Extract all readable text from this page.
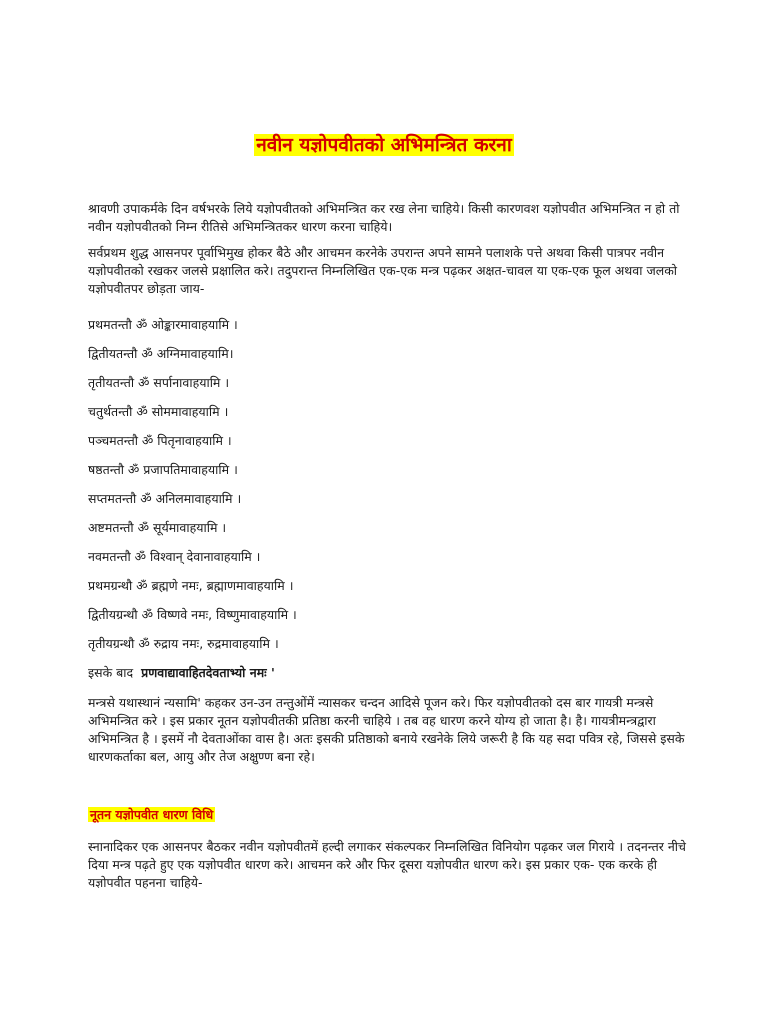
नवीन यज्ञोपवीतको अभिमन्त्रित करना

श्रावणी उपाकर्मके दिन वर्षभरके लिये यज्ञोपवीतको अभिमन्त्रित कर रख लेना चाहिये। किसी कारणवश यज्ञोपवीत अभिमन्त्रित न हो तो नवीन यज्ञोपवीतको निम्न रीतिसे अभिमन्त्रितकर धारण करना चाहिये।

सर्वप्रथम शुद्ध आसनपर पूर्वाभिमुख होकर बैठे और आचमन करनेके उपरान्त अपने सामने पलाशके पत्ते अथवा किसी पात्रपर नवीन यज्ञोपवीतको रखकर जलसे प्रक्षालित करे। तदुपरान्त निम्नलिखित एक-एक मन्त्र पढ़कर अक्षत-चावल या एक-एक फूल अथवा जलको यज्ञोपवीतपर छोड़ता जाय-

प्रथमतन्तौ ॐ ओङ्कारमावाहयामि ।
द्वितीयतन्तौ ॐ अग्निमावाहयामि।
तृतीयतन्तौ ॐ सर्पानावाहयामि ।
चतुर्थतन्तौ ॐ सोममावाहयामि ।
पञ्चमतन्तौ ॐ पितृनावाहयामि ।
षष्ठतन्तौ ॐ प्रजापतिमावाहयामि ।
सप्तमतन्तौ ॐ अनिलमावाहयामि ।
अष्टमतन्तौ ॐ सूर्यमावाहयामि ।
नवमतन्तौ ॐ विश्वान् देवानावाहयामि ।
प्रथमग्रन्थौ ॐ ब्रह्मणे नमः, ब्रह्माणमावाहयामि ।
द्वितीयग्रन्थौ ॐ विष्णवे नमः, विष्णुमावाहयामि ।
तृतीयग्रन्थौ ॐ रुद्राय नमः, रुद्रमावाहयामि ।
इसके बाद प्रणवाद्यावाहितदेवताभ्यो नमः '

मन्त्रसे यथास्थानं न्यसामि' कहकर उन-उन तन्तुओंमें न्यासकर चन्दन आदिसे पूजन करे। फिर यज्ञोपवीतको दस बार गायत्री मन्त्रसे अभिमन्त्रित करे । इस प्रकार नूतन यज्ञोपवीतकी प्रतिष्ठा करनी चाहिये । तब वह धारण करने योग्य हो जाता है। है। गायत्रीमन्त्रद्वारा अभिमन्त्रित है । इसमें नौ देवताओंका वास है। अतः इसकी प्रतिष्ठाको बनाये रखनेके लिये जरूरी है कि यह सदा पवित्र रहे, जिससे इसके धारणकर्ताका बल, आयु और तेज अक्षुण्ण बना रहे।

नूतन यज्ञोपवीत धारण विधि

स्नानादिकर एक आसनपर बैठकर नवीन यज्ञोपवीतमें हल्दी लगाकर संकल्पकर निम्नलिखित विनियोग पढ़कर जल गिराये । तदनन्तर नीचे दिया मन्त्र पढ़ते हुए एक यज्ञोपवीत धारण करे। आचमन करे और फिर दूसरा यज्ञोपवीत धारण करे। इस प्रकार एक- एक करके ही यज्ञोपवीत पहनना चाहिये-
